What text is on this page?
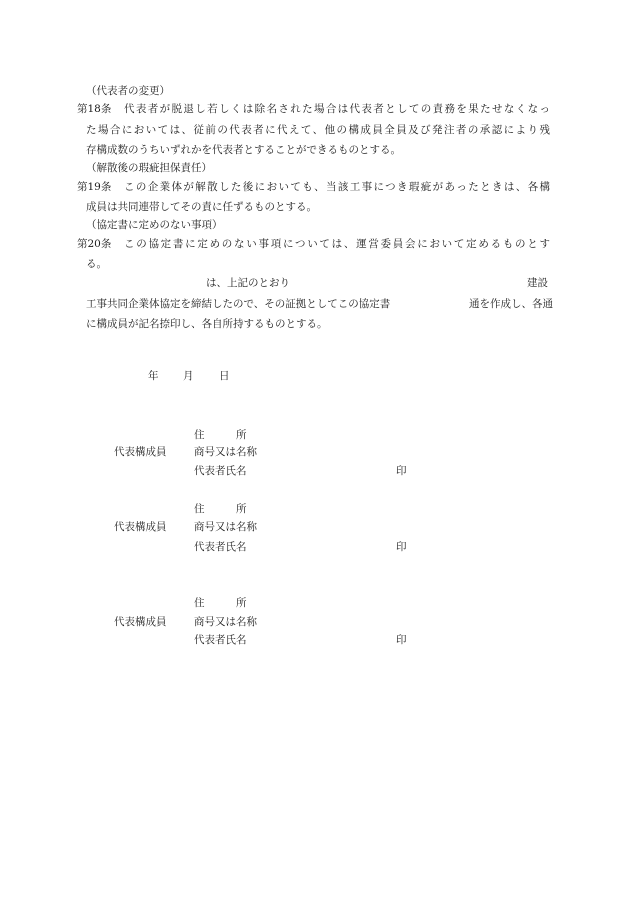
（代表者の変更）
第18条 代表者が脱退し若しくは除名された場合は代表者としての責務を果たせなくなっ
た場合においては、従前の代表者に代えて、他の構成員全員及び発注者の承認により残
存構成数のうちいずれかを代表者とすることができるものとする。
（解散後の瑕疵担保責任）
第19条 この企業体が解散した後においても、当該工事につき瑕疵があったときは、各構
成員は共同連帯してその責に任ずるものとする。
（協定書に定めのない事項）
第20条 この協定書に定めのない事項については、運営委員会において定めるものとす
る。
は、上記のとおり	建設
工事共同企業体協定を締結したので、その証拠としてこの協定書	通を作成し、各通
に構成員が記名捺印し、各自所持するものとする。
年 月 日
住　　　所
代表構成員	商号又は名称
代表者氏名	印
住　　　所
代表構成員	商号又は名称
代表者氏名	印
住　　　所
代表構成員	商号又は名称
代表者氏名	印
